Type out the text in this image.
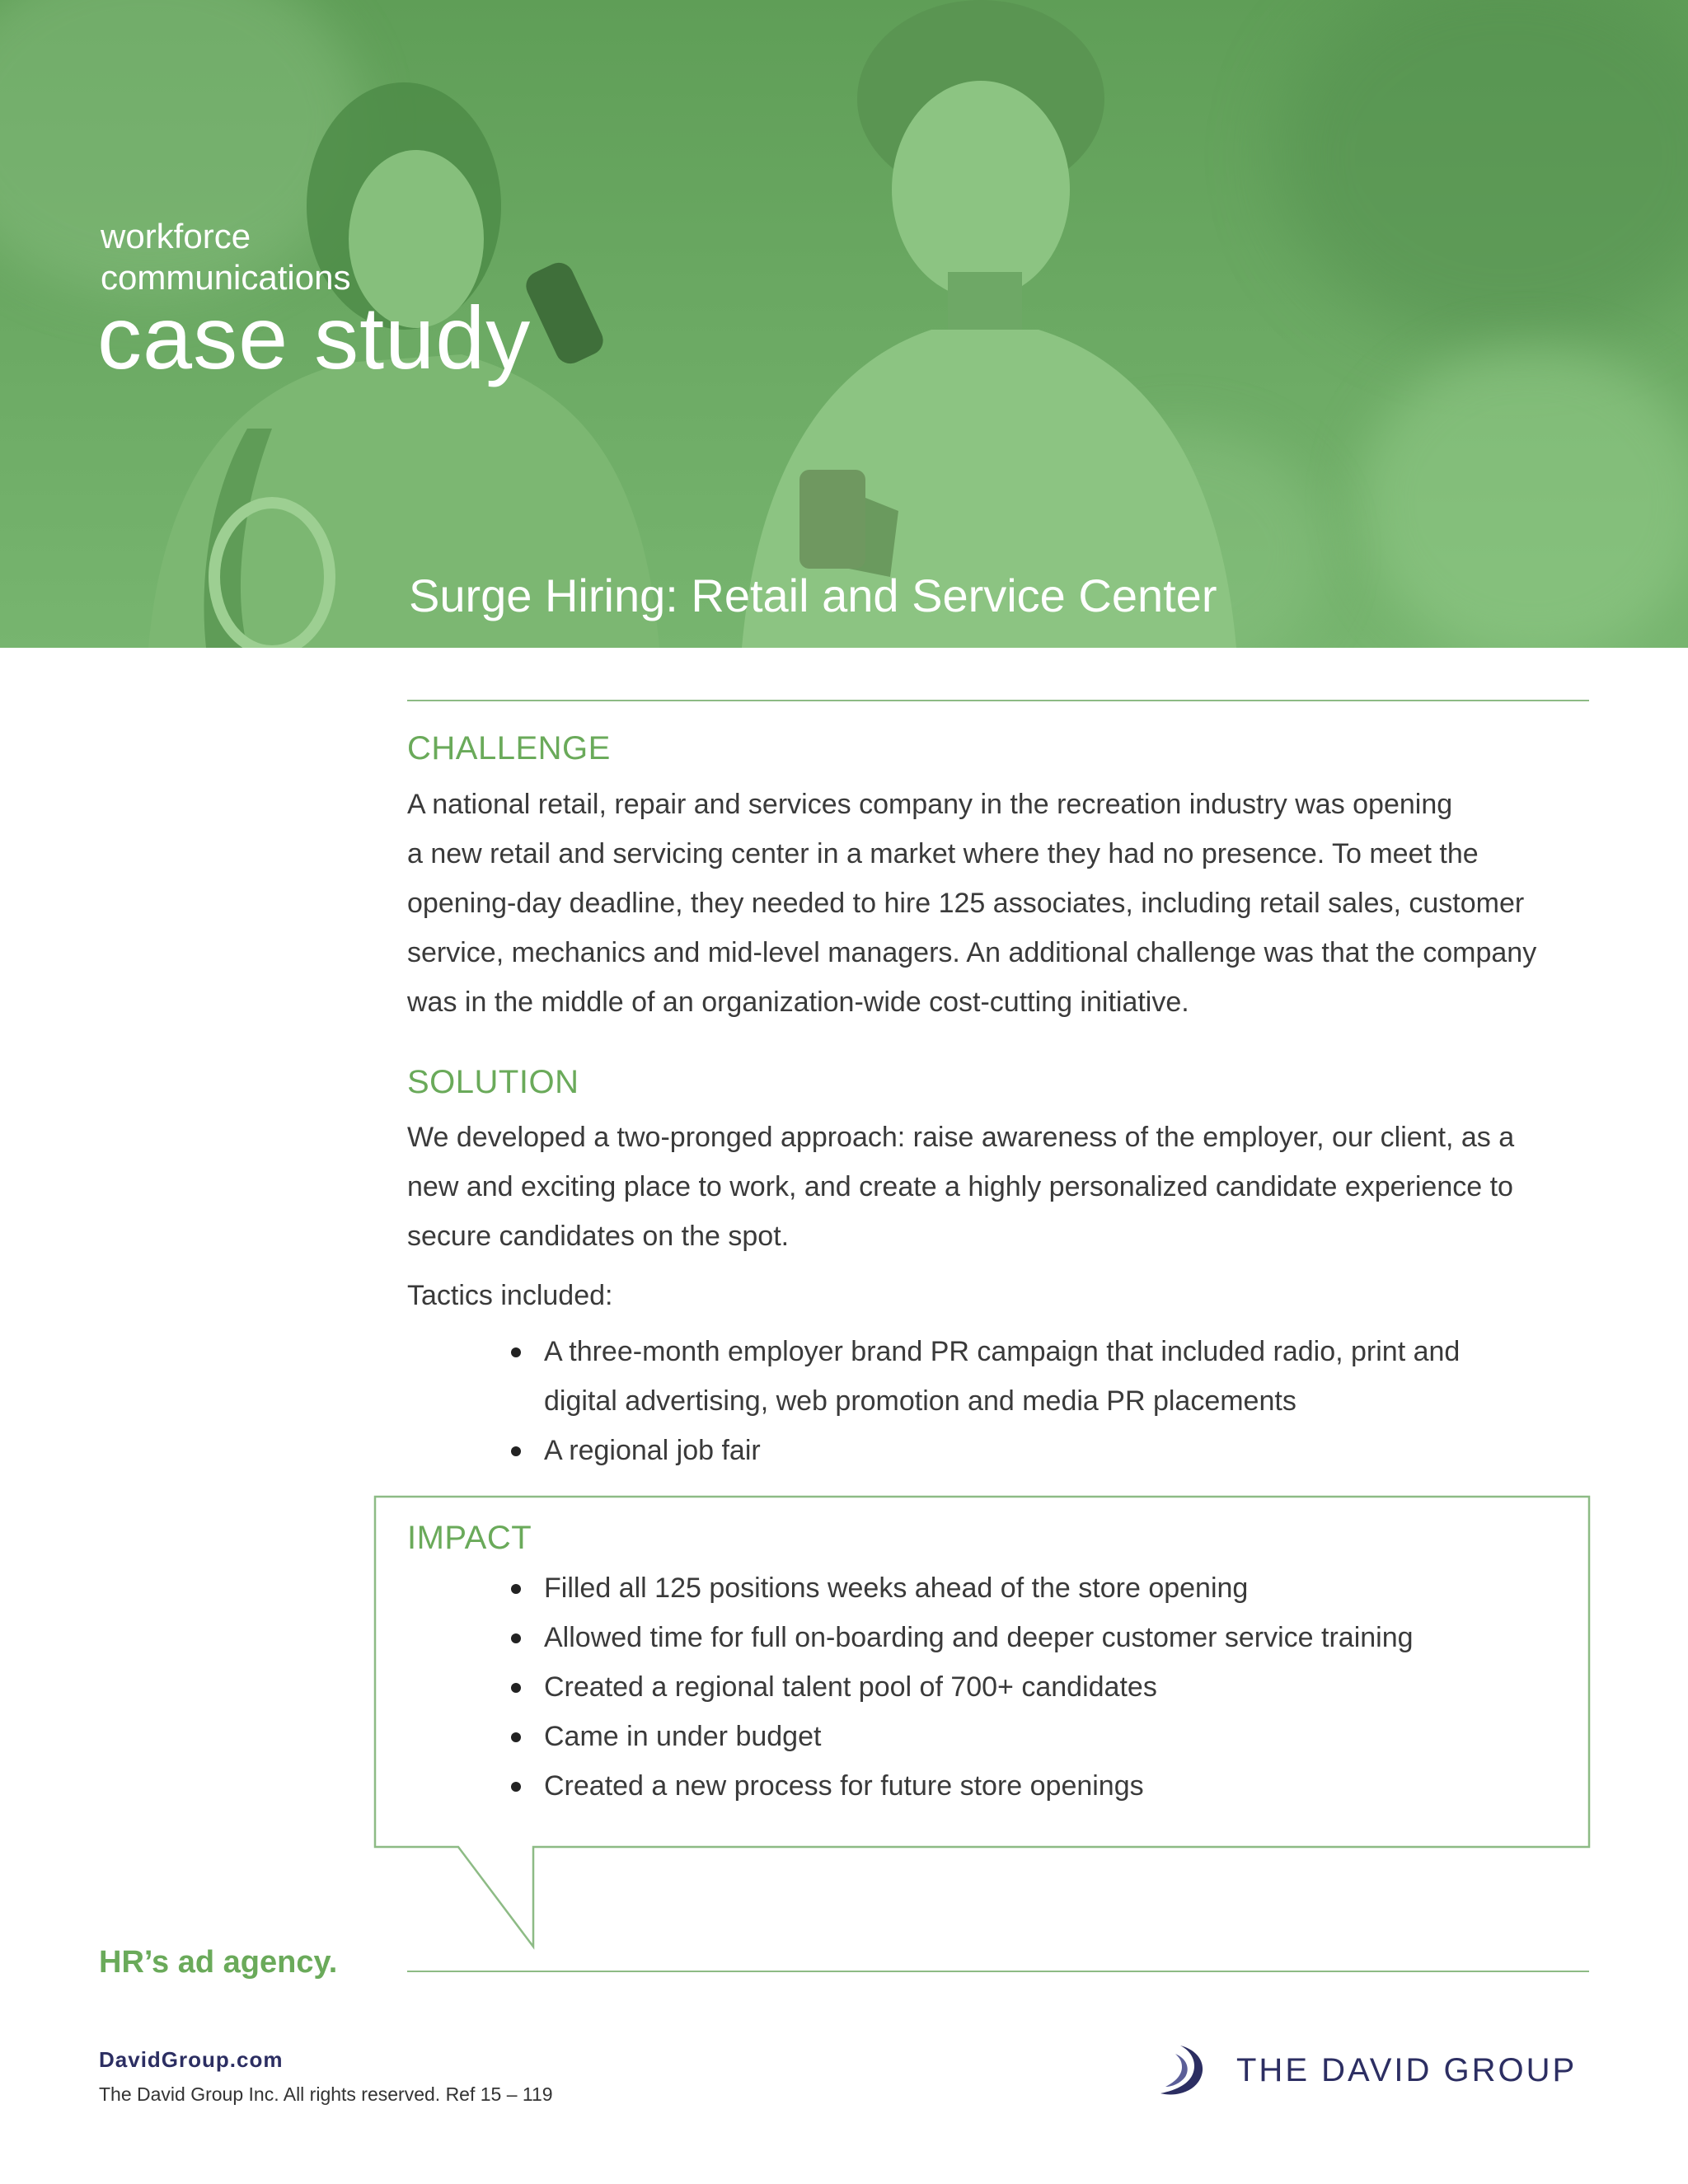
workforce
communications
case study
Surge Hiring: Retail and Service Center
CHALLENGE
A national retail, repair and services company in the recreation industry was opening
a new retail and servicing center in a market where they had no presence. To meet the
opening-day deadline, they needed to hire 125 associates, including retail sales, customer
service, mechanics and mid-level managers. An additional challenge was that the company
was in the middle of an organization-wide cost-cutting initiative.
SOLUTION
We developed a two-pronged approach: raise awareness of the employer, our client, as a
new and exciting place to work, and create a highly personalized candidate experience to
secure candidates on the spot.
Tactics included:
A three-month employer brand PR campaign that included radio, print and
digital advertising, web promotion and media PR placements
A regional job fair
IMPACT
Filled all 125 positions weeks ahead of the store opening
Allowed time for full on-boarding and deeper customer service training
Created a regional talent pool of 700+ candidates
Came in under budget
Created a new process for future store openings
HR’s ad agency.
DavidGroup.com
The David Group Inc. All rights reserved. Ref 15 – 119
THE DAVID GROUP
